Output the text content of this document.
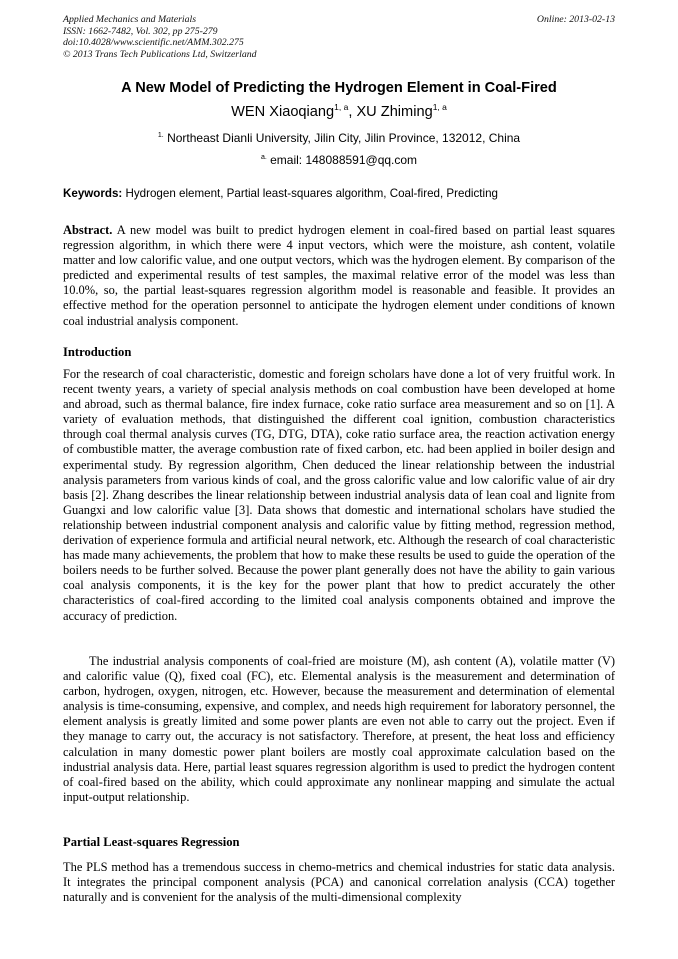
Applied Mechanics and Materials
ISSN: 1662-7482, Vol. 302, pp 275-279
doi:10.4028/www.scientific.net/AMM.302.275
© 2013 Trans Tech Publications Ltd, Switzerland
Online: 2013-02-13
A New Model of Predicting the Hydrogen Element in Coal-Fired
WEN Xiaoqiang$^{1, a}$, XU Zhiming$^{1, a}$
$^{1.}$ Northeast Dianli University, Jilin City, Jilin Province, 132012, China
$^{a.}$ email: 148088591@qq.com
Keywords: Hydrogen element, Partial least-squares algorithm, Coal-fired, Predicting
Abstract. A new model was built to predict hydrogen element in coal-fired based on partial least squares regression algorithm, in which there were 4 input vectors, which were the moisture, ash content, volatile matter and low calorific value, and one output vectors, which was the hydrogen element. By comparison of the predicted and experimental results of test samples, the maximal relative error of the model was less than 10.0%, so, the partial least-squares regression algorithm model is reasonable and feasible. It provides an effective method for the operation personnel to anticipate the hydrogen element under conditions of known coal industrial analysis component.
Introduction
For the research of coal characteristic, domestic and foreign scholars have done a lot of very fruitful work. In recent twenty years, a variety of special analysis methods on coal combustion have been developed at home and abroad, such as thermal balance, fire index furnace, coke ratio surface area measurement and so on [1]. A variety of evaluation methods, that distinguished the different coal ignition, combustion characteristics through coal thermal analysis curves (TG, DTG, DTA), coke ratio surface area, the reaction activation energy of combustible matter, the average combustion rate of fixed carbon, etc. had been applied in boiler design and experimental study. By regression algorithm, Chen deduced the linear relationship between the industrial analysis parameters from various kinds of coal, and the gross calorific value and low calorific value of air dry basis [2]. Zhang describes the linear relationship between industrial analysis data of lean coal and lignite from Guangxi and low calorific value [3]. Data shows that domestic and international scholars have studied the relationship between industrial component analysis and calorific value by fitting method, regression method, derivation of experience formula and artificial neural network, etc. Although the research of coal characteristic has made many achievements, the problem that how to make these results be used to guide the operation of the boilers needs to be further solved. Because the power plant generally does not have the ability to gain various coal analysis components, it is the key for the power plant that how to predict accurately the other characteristics of coal-fired according to the limited coal analysis components obtained and improve the accuracy of prediction.
The industrial analysis components of coal-fried are moisture (M), ash content (A), volatile matter (V) and calorific value (Q), fixed coal (FC), etc. Elemental analysis is the measurement and determination of carbon, hydrogen, oxygen, nitrogen, etc. However, because the measurement and determination of elemental analysis is time-consuming, expensive, and complex, and needs high requirement for laboratory personnel, the element analysis is greatly limited and some power plants are even not able to carry out the project. Even if they manage to carry out, the accuracy is not satisfactory. Therefore, at present, the heat loss and efficiency calculation in many domestic power plant boilers are mostly coal approximate calculation based on the industrial analysis data. Here, partial least squares regression algorithm is used to predict the hydrogen content of coal-fired based on the ability, which could approximate any nonlinear mapping and simulate the actual input-output relationship.
Partial Least-squares Regression
The PLS method has a tremendous success in chemo-metrics and chemical industries for static data analysis. It integrates the principal component analysis (PCA) and canonical correlation analysis (CCA) together naturally and is convenient for the analysis of the multi-dimensional complexity
